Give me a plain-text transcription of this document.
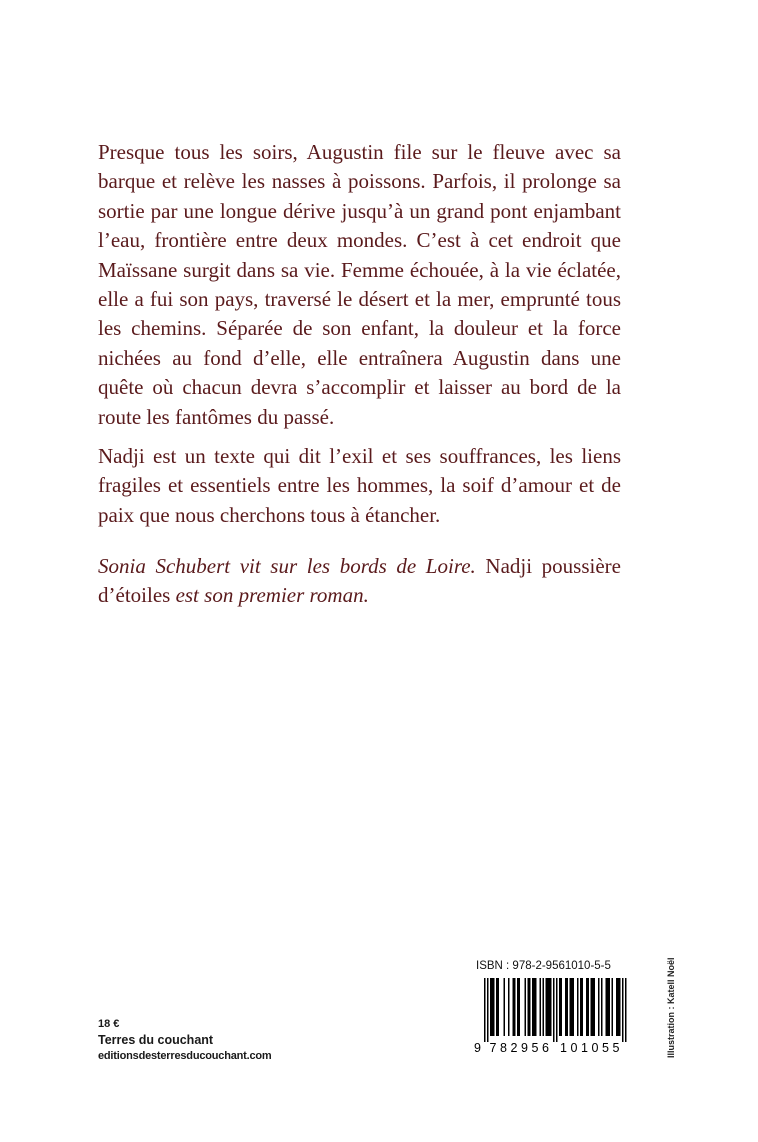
Presque tous les soirs, Augustin file sur le fleuve avec sa barque et relève les nasses à poissons. Parfois, il prolonge sa sortie par une longue dérive jusqu’à un grand pont enjambant l’eau, frontière entre deux mondes. C’est à cet endroit que Maïssane surgit dans sa vie. Femme échouée, à la vie éclatée, elle a fui son pays, traversé le désert et la mer, emprunté tous les chemins. Séparée de son enfant, la douleur et la force nichées au fond d’elle, elle entraînera Augustin dans une quête où chacun devra s’accomplir et laisser au bord de la route les fantômes du passé.

Nadji est un texte qui dit l’exil et ses souffrances, les liens fragiles et essentiels entre les hommes, la soif d’amour et de paix que nous cherchons tous à étancher.

Sonia Schubert vit sur les bords de Loire. Nadji poussière d’étoiles est son premier roman.
18 €
Terres du couchant
editionsdesterresducouchant.com
ISBN : 978-2-9561010-5-5
9 7 8 2 9 5 6 1 0 1 0 5 5	Illustration : Katell Noël
